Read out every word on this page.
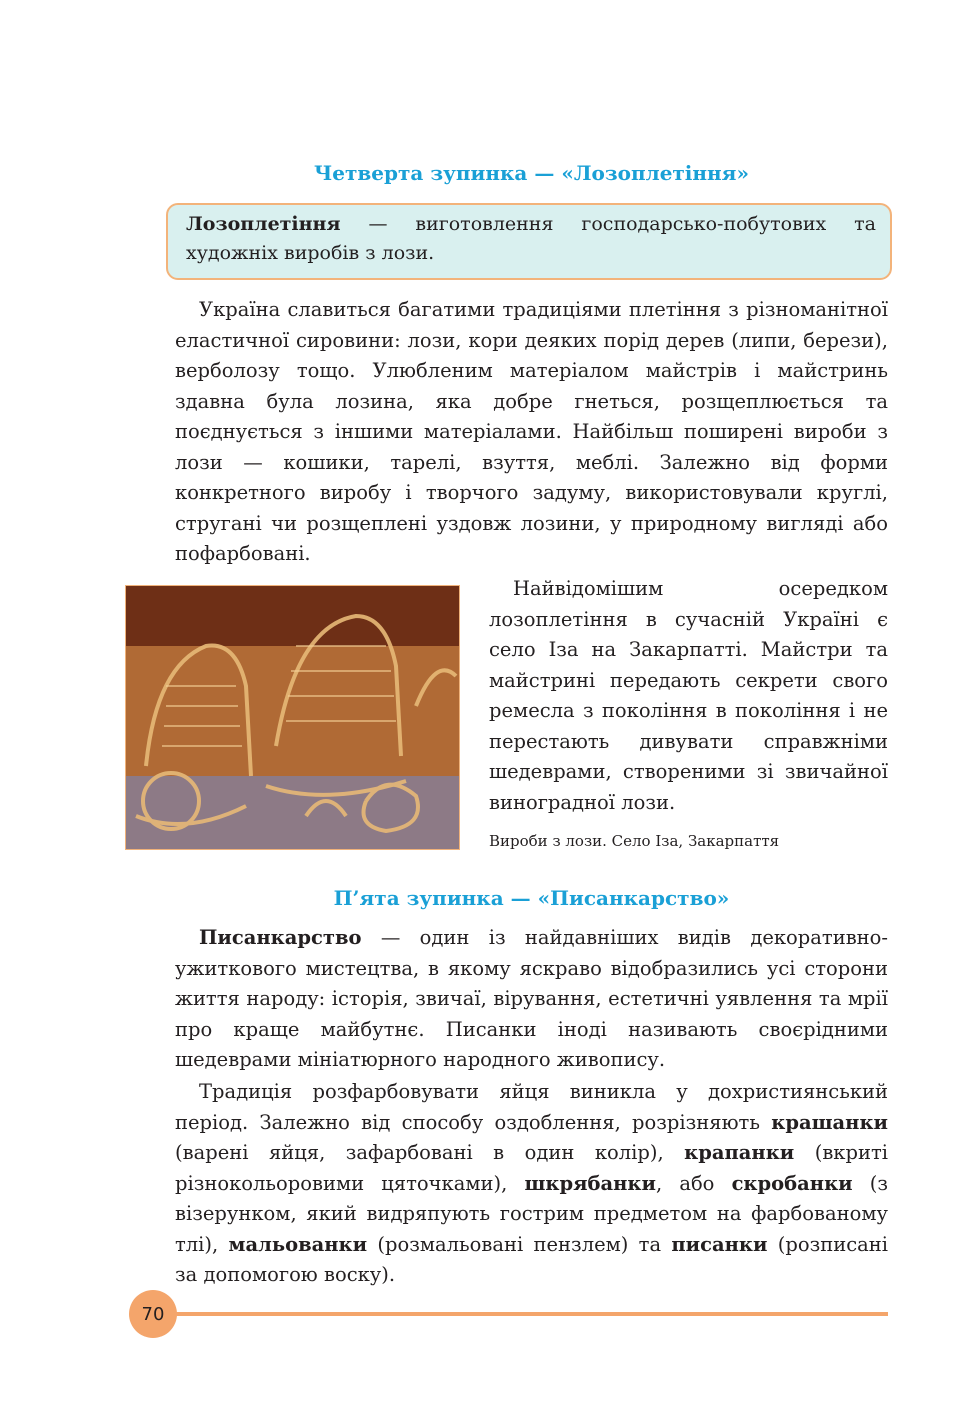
Четверта зупинка — «Лозоплетіння»
Лозоплетіння — виготовлення господарсько-побутових та художніх виробів з лози.

Україна славиться багатими традиціями плетіння з різноманітної еластичної сировини: лози, кори деяких порід дерев (липи, берези), верболозу тощо. Улюбленим матеріалом майстрів і майстринь здавна була лозина, яка добре гнеться, розщеплюється та поєднується з іншими матеріалами. Найбільш поширені вироби з лози — кошики, тарелі, взуття, меблі. Залежно від форми конкретного виробу і творчого задуму, використовували круглі, стругані чи розщеплені уздовж лозини, у природному вигляді або пофарбовані.

Найвідомішим осередком лозоплетіння в сучасній Україні є село Іза на Закарпатті. Майстри та майстрині передають секрети свого ремесла з покоління в покоління і не перестають дивувати справжніми шедеврами, створеними зі звичайної виноградної лози.

Вироби з лози. Село Іза, Закарпаття
П’ята зупинка — «Писанкарство»

Писанкарство — один із найдавніших видів декоративно-ужиткового мистецтва, в якому яскраво відобразились усі сторони життя народу: історія, звичаї, вірування, естетичні уявлення та мрії про краще майбутнє. Писанки іноді називають своєрідними шедеврами мініатюрного народного живопису.

Традиція розфарбовувати яйця виникла у дохристиянський період. Залежно від способу оздоблення, розрізняють крашанки (варені яйця, зафарбовані в один колір), крапанки (вкриті різнокольоровими цяточками), шкрябанки, або скробанки (з візерунком, який видряпують гострим предметом на фарбованому тлі), мальованки (розмальовані пензлем) та писанки (розписані за допомогою воску).

70
